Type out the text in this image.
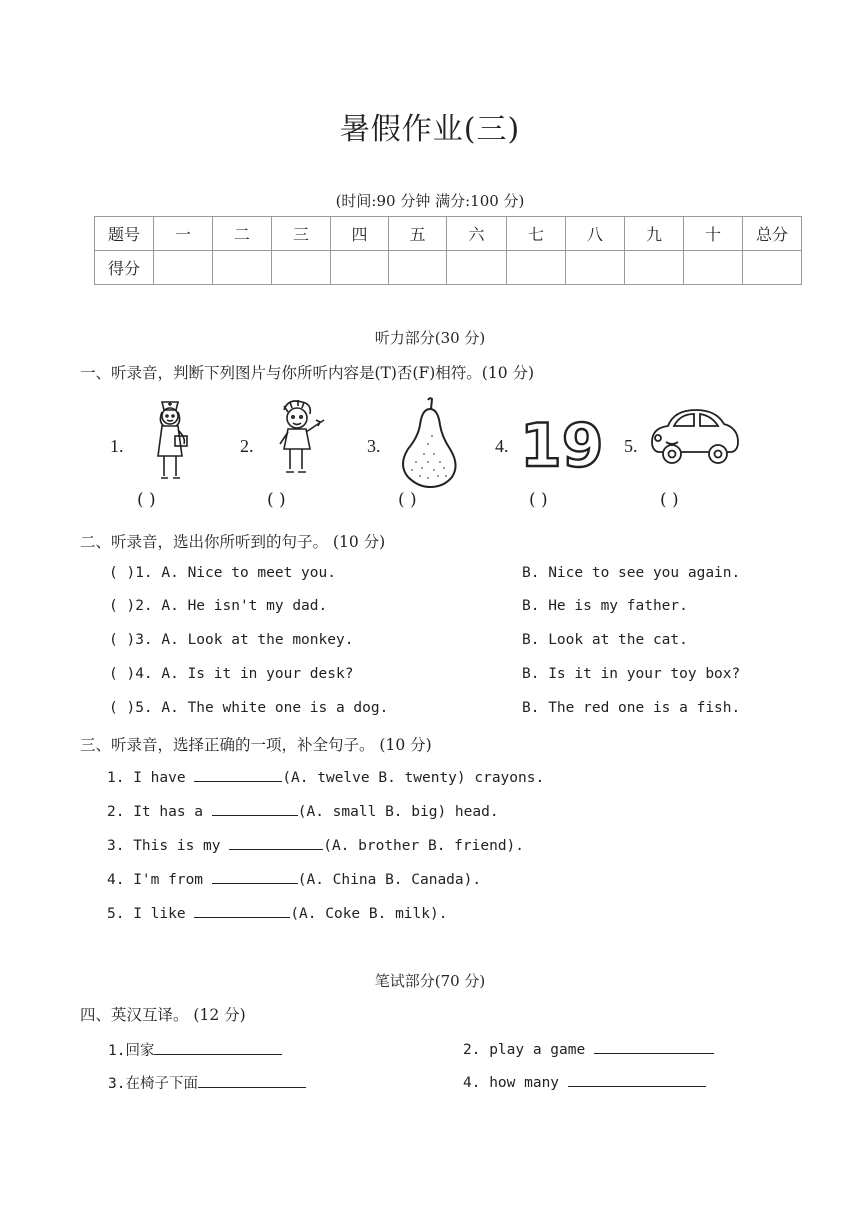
暑假作业(三)
(时间:90 分钟 满分:100 分)
题号	一	二	三	四	五	六	七	八	九	十	总分
得分											
听力部分(30 分)
一、听录音，判断下列图片与你所听内容是(T)否(F)相符。(10 分)
1.
( )
2.
( )
3.
( )
4. 19
( )
5.
( )
二、听录音，选出你所听到的句子。 (10 分)
( )1. A. Nice to meet you.	B. Nice to see you again.
( )2. A. He isn't my dad.	B. He is my father.
( )3. A. Look at the monkey.	B. Look at the cat.
( )4. A. Is it in your desk?	B. Is it in your toy box?
( )5. A. The white one is a dog.	B. The red one is a fish.
三、听录音，选择正确的一项，补全句子。 (10 分)
1. I have	(A. twelve B. twenty) crayons.
2. It has a	(A. small B. big) head.
3. This is my	(A. brother B. friend).
4. I'm from	(A. China B. Canada).
5. I like	(A. Coke B. milk).
笔试部分(70 分)
四、英汉互译。 (12 分)
1.回家	2. play a game
3.在椅子下面	4. how many
